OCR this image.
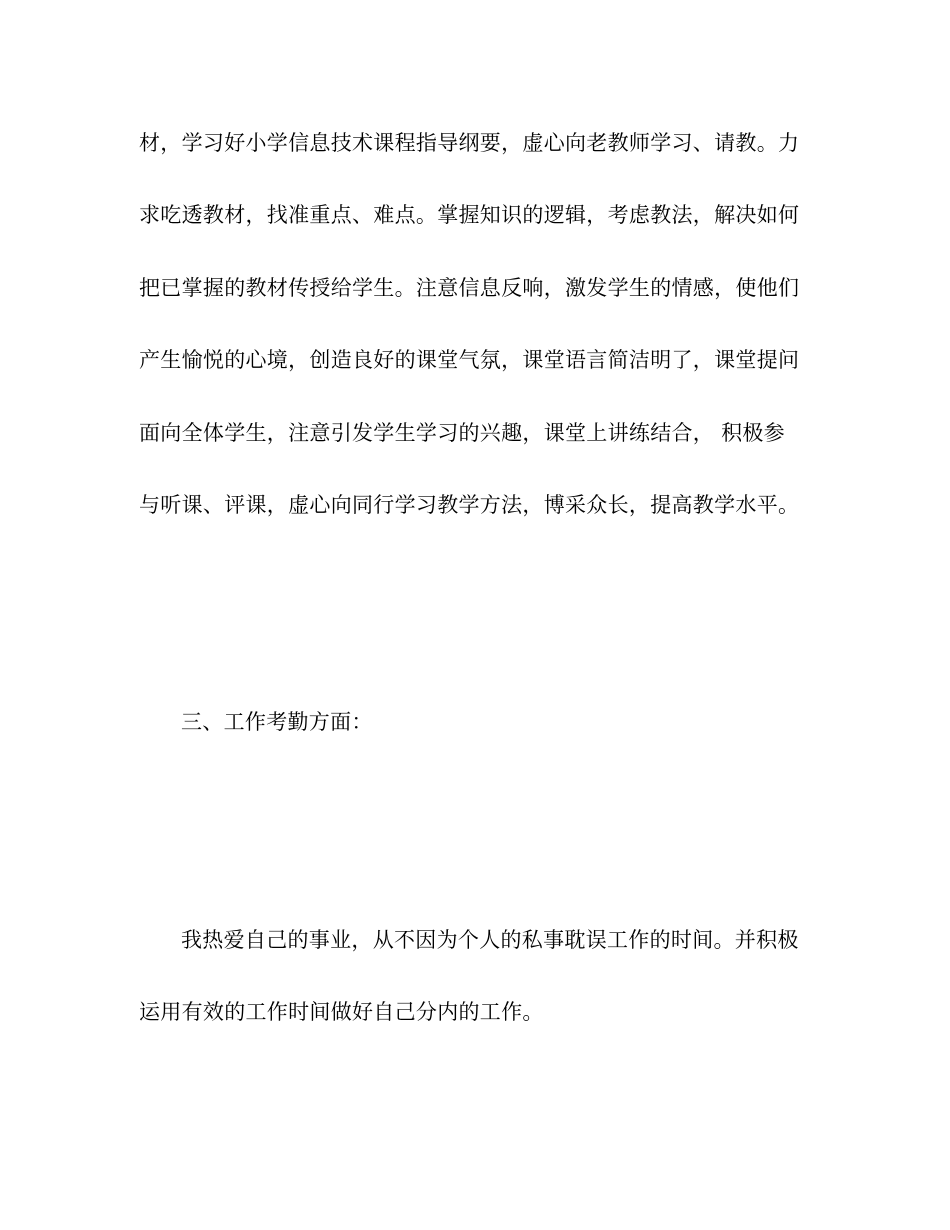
材，学习好小学信息技术课程指导纲要，虚心向老教师学习、请教。力
求吃透教材，找准重点、难点。掌握知识的逻辑，考虑教法，解决如何
把已掌握的教材传授给学生。注意信息反响，激发学生的情感，使他们
产生愉悦的心境，创造良好的课堂气氛，课堂语言简洁明了，课堂提问
面向全体学生，注意引发学生学习的兴趣，课堂上讲练结合， 积极参
与听课、评课，虚心向同行学习教学方法，博采众长，提高教学水平。
三、工作考勤方面：
我热爱自己的事业，从不因为个人的私事耽误工作的时间。并积极
运用有效的工作时间做好自己分内的工作。
